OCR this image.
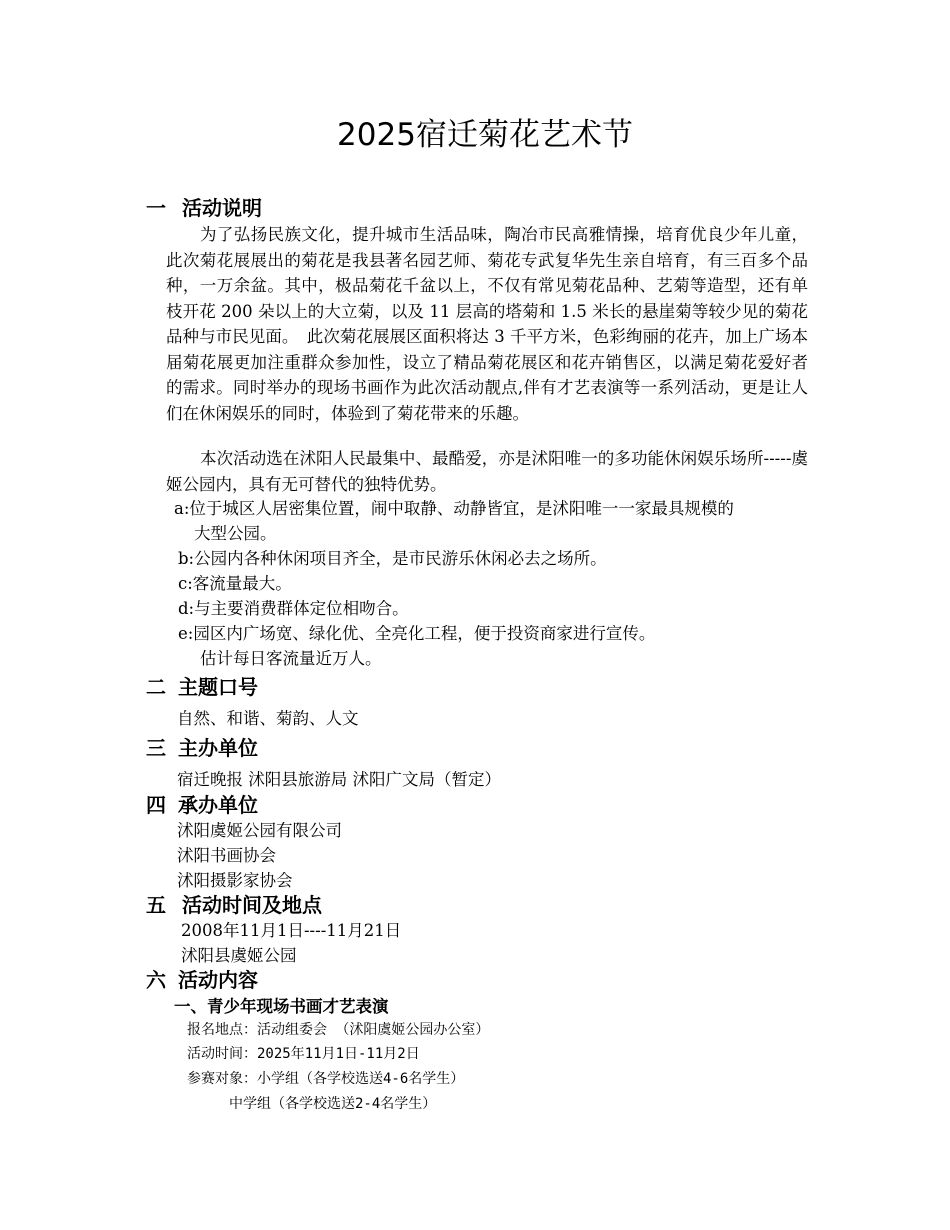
2025宿迁菊花艺术节
一 活动说明
为了弘扬民族文化，提升城市生活品味，陶冶市民高雅情操，培育优良少年儿童，此次菊花展展出的菊花是我县著名园艺师、菊花专武复华先生亲自培育，有三百多个品种，一万余盆。其中，极品菊花千盆以上，不仅有常见菊花品种、艺菊等造型，还有单枝开花 200 朵以上的大立菊，以及 11 层高的塔菊和 1.5 米长的悬崖菊等较少见的菊花品种与市民见面。　此次菊花展展区面积将达 3 千平方米，色彩绚丽的花卉，加上广场本届菊花展更加注重群众参加性，设立了精品菊花展区和花卉销售区，以满足菊花爱好者的需求。同时举办的现场书画作为此次活动靓点,伴有才艺表演等一系列活动，更是让人们在休闲娱乐的同时，体验到了菊花带来的乐趣。
本次活动选在沭阳人民最集中、最酷爱，亦是沭阳唯一的多功能休闲娱乐场所-----虞姬公园内，具有无可替代的独特优势。
a:位于城区人居密集位置，闹中取静、动静皆宜，是沭阳唯一一家最具规模的
大型公园。
b:公园内各种休闲项目齐全，是市民游乐休闲必去之场所。
c:客流量最大。
d:与主要消费群体定位相吻合。
e:园区内广场宽、绿化优、全亮化工程，便于投资商家进行宣传。
估计每日客流量近万人。
二 主题口号
自然、和谐、菊韵、人文
三 主办单位
宿迁晚报 沭阳县旅游局 沭阳广文局（暂定）
四 承办单位
沭阳虞姬公园有限公司
沭阳书画协会
沭阳摄影家协会
五 活动时间及地点
2008年11月1日----11月21日
沭阳县虞姬公园
六 活动内容
一、青少年现场书画才艺表演
报名地点：活动组委会 （沭阳虞姬公园办公室）
活动时间：2025年11月1日-11月2日
参赛对象：小学组（各学校选送4-6名学生）
中学组（各学校选送2-4名学生）
